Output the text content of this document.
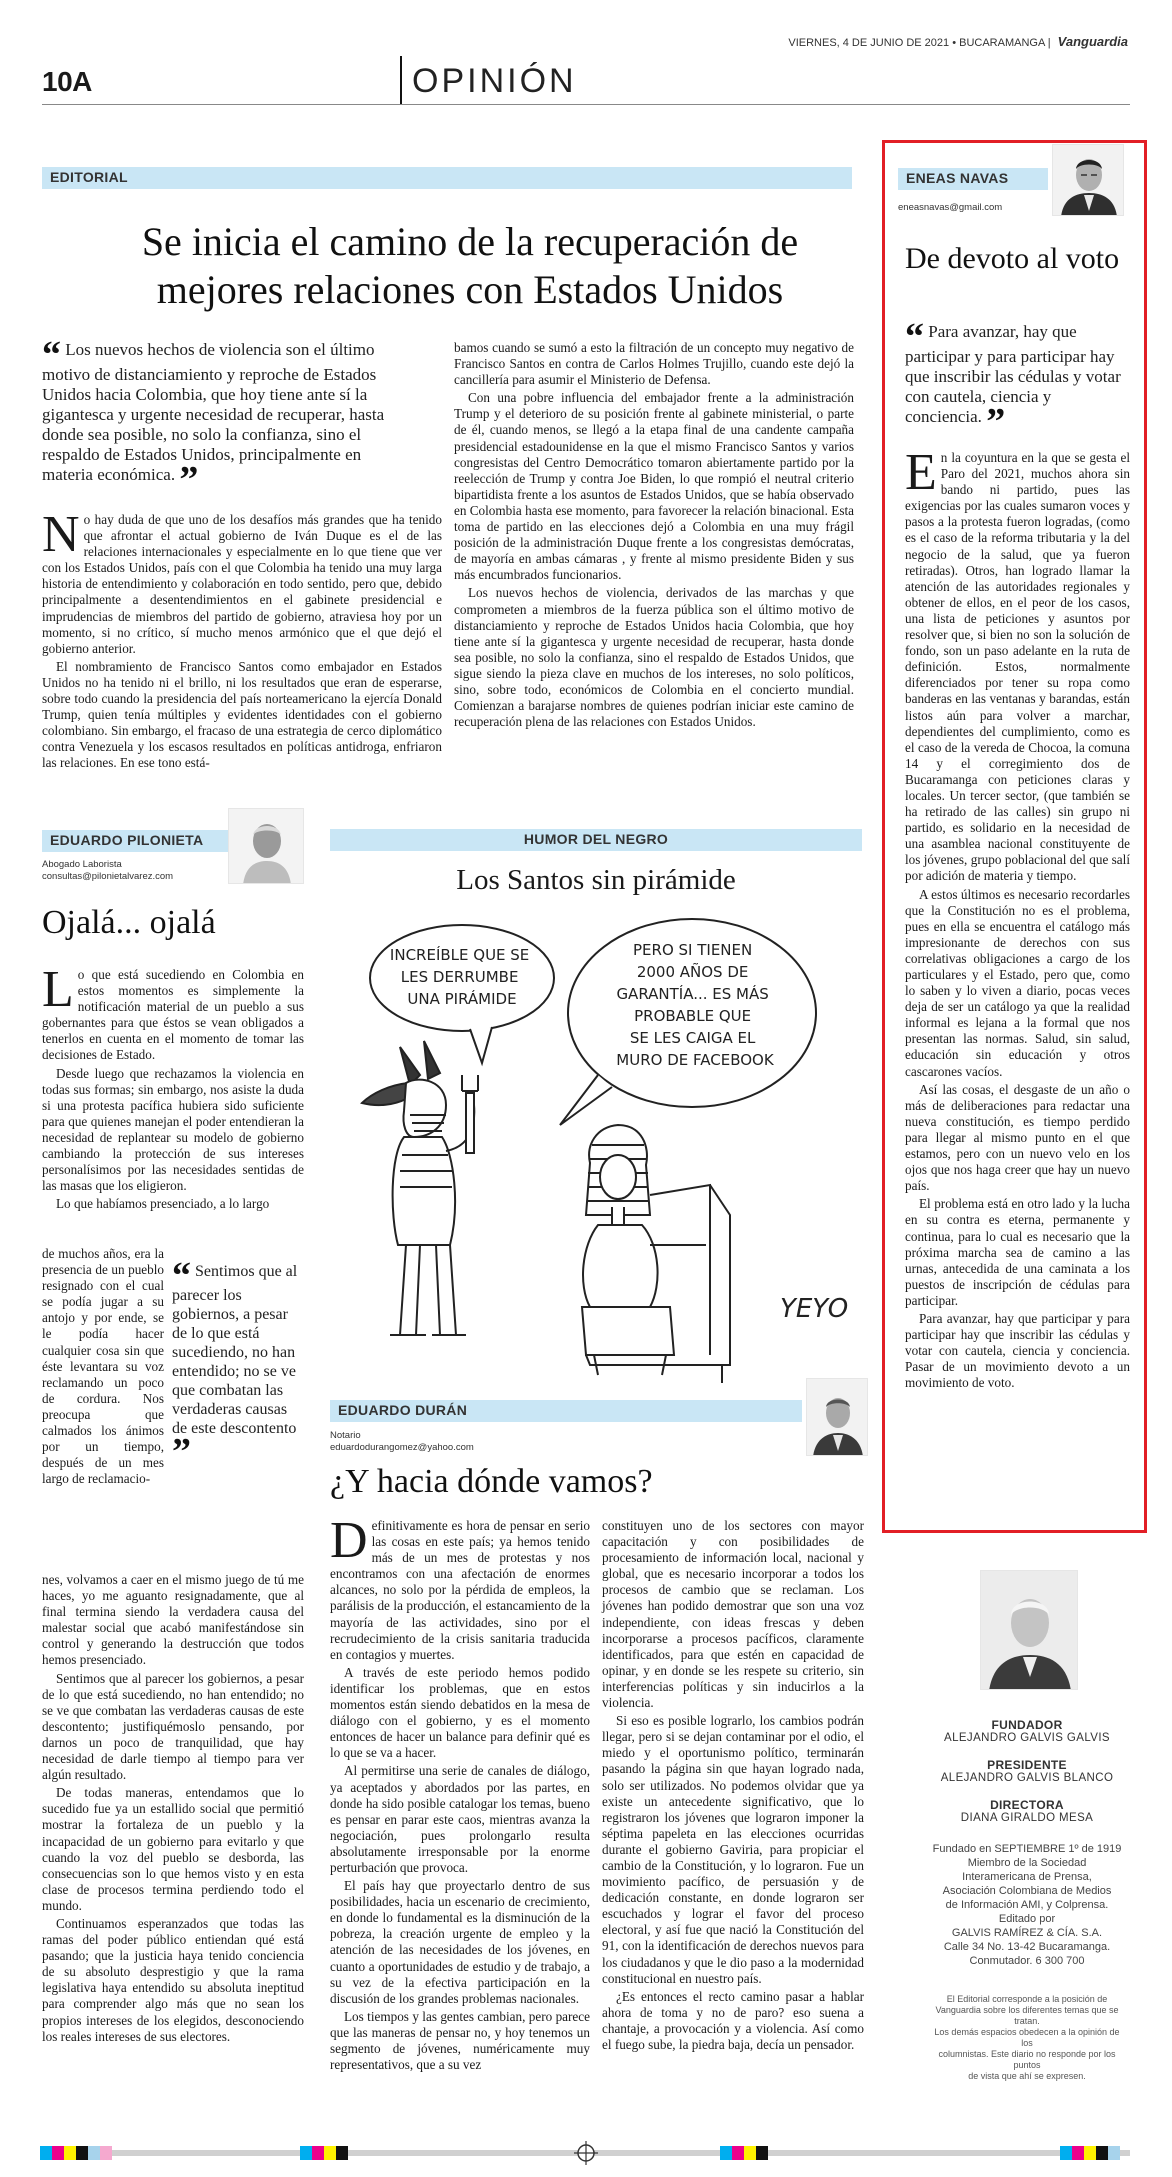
VIERNES, 4 DE JUNIO DE 2021 • BUCARAMANGA | Vanguardia
10A	OPINIÓN
EDITORIAL
Se inicia el camino de la recuperación de mejores relaciones con Estados Unidos
“ Los nuevos hechos de violencia son el último motivo de distanciamiento y reproche de Estados Unidos hacia Colombia, que hoy tiene ante sí la gigantesca y urgente necesidad de recuperar, hasta donde sea posible, no solo la confianza, sino el respaldo de Estados Unidos, principalmente en materia económica. ”

No hay duda de que uno de los desafíos más grandes que ha tenido que afrontar el actual gobierno de Iván Duque es el de las relaciones internacionales y especialmente en lo que tiene que ver con los Estados Unidos, país con el que Colombia ha tenido una muy larga historia de entendimiento y colaboración en todo sentido, pero que, debido principalmente a desentendimientos en el gabinete presidencial e imprudencias de miembros del partido de gobierno, atraviesa hoy por un momento, si no crítico, sí mucho menos armónico que el que dejó el gobierno anterior.

El nombramiento de Francisco Santos como embajador en Estados Unidos no ha tenido ni el brillo, ni los resultados que eran de esperarse, sobre todo cuando la presidencia del país norteamericano la ejercía Donald Trump, quien tenía múltiples y evidentes identidades con el gobierno colombiano. Sin embargo, el fracaso de una estrategia de cerco diplomático contra Venezuela y los escasos resultados en políticas antidroga, enfriaron las relaciones. En ese tono está-

bamos cuando se sumó a esto la filtración de un concepto muy negativo de Francisco Santos en contra de Carlos Holmes Trujillo, cuando este dejó la cancillería para asumir el Ministerio de Defensa.

Con una pobre influencia del embajador frente a la administración Trump y el deterioro de su posición frente al gabinete ministerial, o parte de él, cuando menos, se llegó a la etapa final de una candente campaña presidencial estadounidense en la que el mismo Francisco Santos y varios congresistas del Centro Democrático tomaron abiertamente partido por la reelección de Trump y contra Joe Biden, lo que rompió el neutral criterio bipartidista frente a los asuntos de Estados Unidos, que se había observado en Colombia hasta ese momento, para favorecer la relación binacional. Esta toma de partido en las elecciones dejó a Colombia en una muy frágil posición de la administración Duque frente a los congresistas demócratas, de mayoría en ambas cámaras , y frente al mismo presidente Biden y sus más encumbrados funcionarios.

Los nuevos hechos de violencia, derivados de las marchas y que comprometen a miembros de la fuerza pública son el último motivo de distanciamiento y reproche de Estados Unidos hacia Colombia, que hoy tiene ante sí la gigantesca y urgente necesidad de recuperar, hasta donde sea posible, no solo la confianza, sino el respaldo de Estados Unidos, que sigue siendo la pieza clave en muchos de los intereses, no solo políticos, sino, sobre todo, económicos de Colombia en el concierto mundial. Comienzan a barajarse nombres de quienes podrían iniciar este camino de recuperación plena de las relaciones con Estados Unidos.

EDUARDO PILONIETA
Abogado Laborista
consultas@pilonietalvarez.com
Ojalá... ojalá

Lo que está sucediendo en Colombia en estos momentos es simplemente la notificación material de un pueblo a sus gobernantes para que éstos se vean obligados a tenerlos en cuenta en el momento de tomar las decisiones de Estado.

Desde luego que rechazamos la violencia en todas sus formas; sin embargo, nos asiste la duda si una protesta pacífica hubiera sido suficiente para que quienes manejan el poder entendieran la necesidad de replantear su modelo de gobierno cambiando la protección de sus intereses personalísimos por las necesidades sentidas de las masas que los eligieron.

Lo que habíamos presenciado, a lo largo

de muchos años, era la presencia de un pueblo resignado con el cual se podía jugar a su antojo y por ende, se le podía hacer cualquier cosa sin que éste levantara su voz reclamando un poco de cordura. Nos preocupa que calmados los ánimos por un tiempo, después de un mes largo de reclamacio-

“ Sentimos que al parecer los gobiernos, a pesar de lo que está sucediendo, no han entendido; no se ve que combatan las verdaderas causas de este descontento ”

nes, volvamos a caer en el mismo juego de tú me haces, yo me aguanto resignadamente, que al final termina siendo la verdadera causa del malestar social que acabó manifestándose sin control y generando la destrucción que todos hemos presenciado.

Sentimos que al parecer los gobiernos, a pesar de lo que está sucediendo, no han entendido; no se ve que combatan las verdaderas causas de este descontento; justifiquémoslo pensando, por darnos un poco de tranquilidad, que hay necesidad de darle tiempo al tiempo para ver algún resultado.

De todas maneras, entendamos que lo sucedido fue ya un estallido social que permitió mostrar la fortaleza de un pueblo y la incapacidad de un gobierno para evitarlo y que cuando la voz del pueblo se desborda, las consecuencias son lo que hemos visto y en esta clase de procesos termina perdiendo todo el mundo.

Continuamos esperanzados que todas las ramas del poder público entiendan qué está pasando; que la justicia haya tenido conciencia de su absoluto desprestigio y que la rama legislativa haya entendido su absoluta ineptitud para comprender algo más que no sean los propios intereses de los elegidos, desconociendo los reales intereses de sus electores.

HUMOR DEL NEGRO
Los Santos sin pirámide
INCREÍBLE QUE SE LES DERRUMBE UNA PIRÁMIDE
PERO SI TIENEN 2000 AÑOS DE GARANTÍA... ES MÁS PROBABLE QUE SE LES CAIGA EL MURO DE FACEBOOK
YEYO
EDUARDO DURÁN
Notario
eduardodurangomez@yahoo.com
¿Y hacia dónde vamos?

Definitivamente es hora de pensar en serio las cosas en este país; ya hemos tenido más de un mes de protestas y nos encontramos con una afectación de enormes alcances, no solo por la pérdida de empleos, la parálisis de la producción, el estancamiento de la mayoría de las actividades, sino por el recrudecimiento de la crisis sanitaria traducida en contagios y muertes.

A través de este periodo hemos podido identificar los problemas, que en estos momentos están siendo debatidos en la mesa de diálogo con el gobierno, y es el momento entonces de hacer un balance para definir qué es lo que se va a hacer.

Al permitirse una serie de canales de diálogo, ya aceptados y abordados por las partes, en donde ha sido posible catalogar los temas, bueno es pensar en parar este caos, mientras avanza la negociación, pues prolongarlo resulta absolutamente irresponsable por la enorme perturbación que provoca.

El país hay que proyectarlo dentro de sus posibilidades, hacia un escenario de crecimiento, en donde lo fundamental es la disminución de la pobreza, la creación urgente de empleo y la atención de las necesidades de los jóvenes, en cuanto a oportunidades de estudio y de trabajo, a su vez de la efectiva participación en la discusión de los grandes problemas nacionales.

Los tiempos y las gentes cambian, pero parece que las maneras de pensar no, y hoy tenemos un segmento de jóvenes, numéricamente muy representativos, que a su vez

constituyen uno de los sectores con mayor capacitación y con posibilidades de procesamiento de información local, nacional y global, que es necesario incorporar a todos los procesos de cambio que se reclaman. Los jóvenes han podido demostrar que son una voz independiente, con ideas frescas y deben incorporarse a procesos pacíficos, claramente identificados, para que estén en capacidad de opinar, y en donde se les respete su criterio, sin interferencias políticas y sin inducirlos a la violencia.

Si eso es posible lograrlo, los cambios podrán llegar, pero si se dejan contaminar por el odio, el miedo y el oportunismo político, terminarán pasando la página sin que hayan logrado nada, solo ser utilizados. No podemos olvidar que ya existe un antecedente significativo, que lo registraron los jóvenes que lograron imponer la séptima papeleta en las elecciones ocurridas durante el gobierno Gaviria, para propiciar el cambio de la Constitución, y lo lograron. Fue un movimiento pacífico, de persuasión y de dedicación constante, en donde lograron ser escuchados y lograr el favor del proceso electoral, y así fue que nació la Constitución del 91, con la identificación de derechos nuevos para los ciudadanos y que le dio paso a la modernidad constitucional en nuestro país.

¿Es entonces el recto camino pasar a hablar ahora de toma y no de paro? eso suena a chantaje, a provocación y a violencia. Así como el fuego sube, la piedra baja, decía un pensador.

ENEAS NAVAS
eneasnavas@gmail.com
De devoto al voto
“ Para avanzar, hay que participar y para participar hay que inscribir las cédulas y votar con cautela, ciencia y conciencia. ”

En la coyuntura en la que se gesta el Paro del 2021, muchos ahora sin bando ni partido, pues las exigencias por las cuales sumaron voces y pasos a la protesta fueron logradas, (como es el caso de la reforma tributaria y la del negocio de la salud, que ya fueron retiradas). Otros, han logrado llamar la atención de las autoridades regionales y obtener de ellos, en el peor de los casos, una lista de peticiones y asuntos por resolver que, si bien no son la solución de fondo, son un paso adelante en la ruta de definición. Estos, normalmente diferenciados por tener su ropa como banderas en las ventanas y barandas, están listos aún para volver a marchar, dependientes del cumplimiento, como es el caso de la vereda de Chocoa, la comuna 14 y el corregimiento dos de Bucaramanga con peticiones claras y locales. Un tercer sector, (que también se ha retirado de las calles) sin grupo ni partido, es solidario en la necesidad de una asamblea nacional constituyente de los jóvenes, grupo poblacional del que salí por adición de materia y tiempo.

A estos últimos es necesario recordarles que la Constitución no es el problema, pues en ella se encuentra el catálogo más impresionante de derechos con sus correlativas obligaciones a cargo de los particulares y el Estado, pero que, como lo saben y lo viven a diario, pocas veces deja de ser un catálogo ya que la realidad informal es lejana a la formal que nos presentan las normas. Salud, sin salud, educación sin educación y otros cascarones vacíos.

Así las cosas, el desgaste de un año o más de deliberaciones para redactar una nueva constitución, es tiempo perdido para llegar al mismo punto en el que estamos, pero con un nuevo velo en los ojos que nos haga creer que hay un nuevo país.

El problema está en otro lado y la lucha en su contra es eterna, permanente y continua, para lo cual es necesario que la próxima marcha sea de camino a las urnas, antecedida de una caminata a los puestos de inscripción de cédulas para participar.

Para avanzar, hay que participar y para participar hay que inscribir las cédulas y votar con cautela, ciencia y conciencia. Pasar de un movimiento devoto a un movimiento de voto.

FUNDADOR
ALEJANDRO GALVIS GALVIS
PRESIDENTE
ALEJANDRO GALVIS BLANCO
DIRECTORA
DIANA GIRALDO MESA
Fundado en SEPTIEMBRE 1º de 1919
Miembro de la Sociedad
Interamericana de Prensa,
Asociación Colombiana de Medios
de Información AMI, y Colprensa.
Editado por
GALVIS RAMÍREZ & CÍA. S.A.
Calle 34 No. 13-42 Bucaramanga.
Conmutador. 6 300 700
El Editorial corresponde a la posición de
Vanguardia sobre los diferentes temas que se tratan.
Los demás espacios obedecen a la opinión de los
columnistas. Este diario no responde por los puntos
de vista que ahí se expresen.
